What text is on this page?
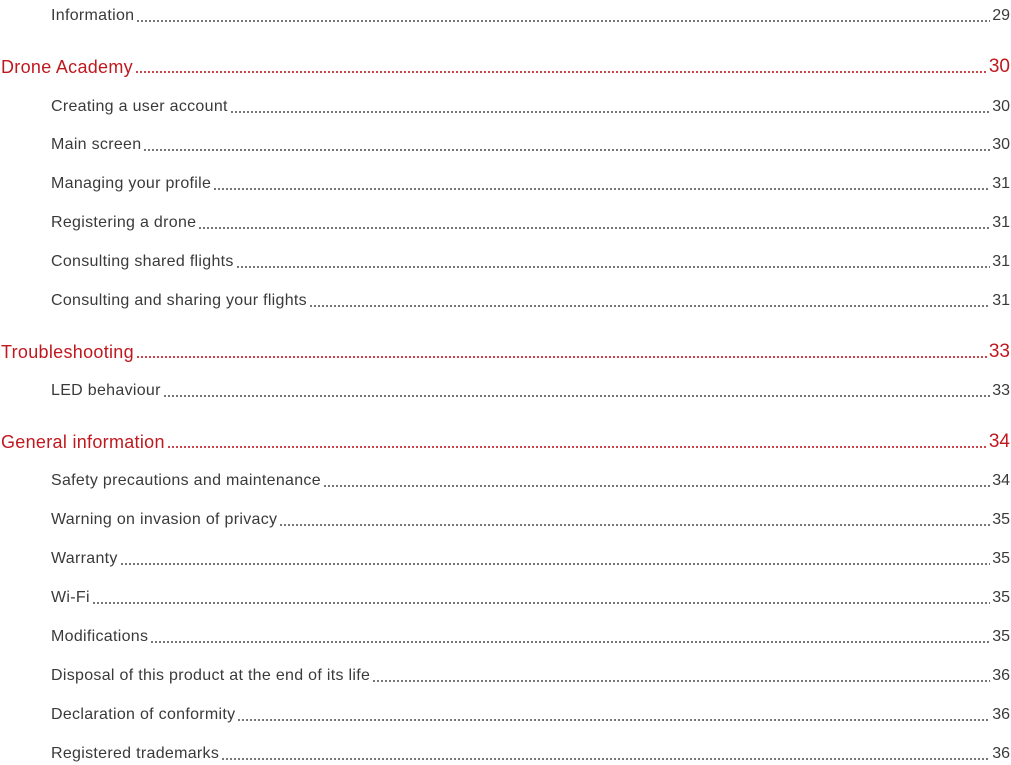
Information	29
Drone Academy	30
Creating a user account	30
Main screen	30
Managing your profile	31
Registering a drone	31
Consulting shared flights	31
Consulting and sharing your flights	31
Troubleshooting	33
LED behaviour	33
General information	34
Safety precautions and maintenance	34
Warning on invasion of privacy	35
Warranty	35
Wi-Fi	35
Modifications	35
Disposal of this product at the end of its life	36
Declaration of conformity	36
Registered trademarks	36
